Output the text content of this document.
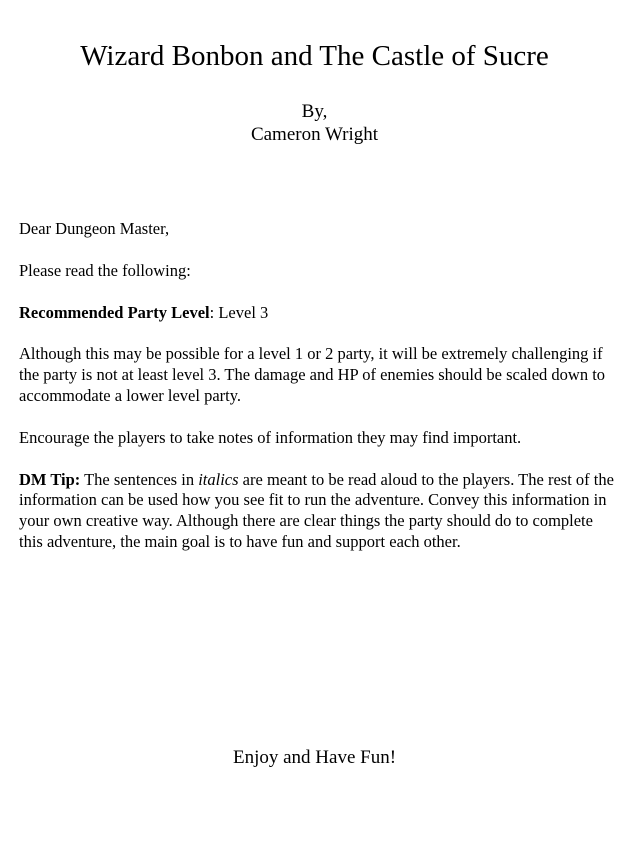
Wizard Bonbon and The Castle of Sucre
By,
Cameron Wright

Dear Dungeon Master,

Please read the following:

Recommended Party Level: Level 3

Although this may be possible for a level 1 or 2 party, it will be extremely challenging if the party is not at least level 3. The damage and HP of enemies should be scaled down to accommodate a lower level party.

Encourage the players to take notes of information they may find important.

DM Tip: The sentences in italics are meant to be read aloud to the players. The rest of the information can be used how you see fit to run the adventure. Convey this information in your own creative way. Although there are clear things the party should do to complete this adventure, the main goal is to have fun and support each other.

Enjoy and Have Fun!
